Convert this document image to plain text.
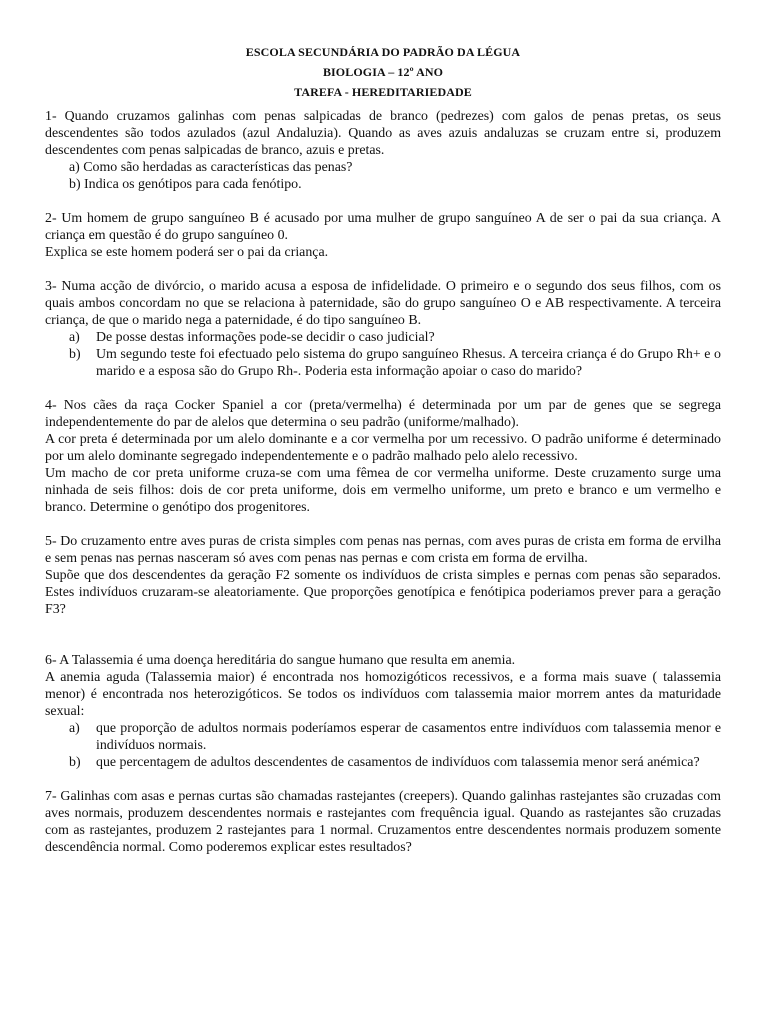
ESCOLA SECUNDÁRIA DO PADRÃO DA LÉGUA
BIOLOGIA – 12º ANO
TAREFA - HEREDITARIEDADE

1- Quando cruzamos galinhas com penas salpicadas de branco (pedrezes) com galos de penas pretas, os seus descendentes são todos azulados (azul Andaluzia). Quando as aves azuis andaluzas se cruzam entre si, produzem descendentes com penas salpicadas de branco, azuis e pretas.

a) Como são herdadas as características das penas?

b) Indica os genótipos para cada fenótipo.

2- Um homem de grupo sanguíneo B é acusado por uma mulher de grupo sanguíneo A de ser o pai da sua criança. A criança em questão é do grupo sanguíneo 0.

Explica se este homem poderá ser o pai da criança.

3- Numa acção de divórcio, o marido acusa a esposa de infidelidade. O primeiro e o segundo dos seus filhos, com os quais ambos concordam no que se relaciona à paternidade, são do grupo sanguíneo O e AB respectivamente. A terceira criança, de que o marido nega a paternidade, é do tipo sanguíneo B.

a)	De posse destas informações pode-se decidir o caso judicial?
b)	Um segundo teste foi efectuado pelo sistema do grupo sanguíneo Rhesus. A terceira criança é do Grupo Rh+ e o marido e a esposa são do Grupo Rh-. Poderia esta informação apoiar o caso do marido?

4- Nos cães da raça Cocker Spaniel a cor (preta/vermelha) é determinada por um par de genes que se segrega independentemente do par de alelos que determina o seu padrão (uniforme/malhado).

A cor preta é determinada por um alelo dominante e a cor vermelha por um recessivo. O padrão uniforme é determinado por um alelo dominante segregado independentemente e o padrão malhado pelo alelo recessivo.

Um macho de cor preta uniforme cruza-se com uma fêmea de cor vermelha uniforme. Deste cruzamento surge uma ninhada de seis filhos: dois de cor preta uniforme, dois em vermelho uniforme, um preto e branco e um vermelho e branco. Determine o genótipo dos progenitores.

5- Do cruzamento entre aves puras de crista simples com penas nas pernas, com aves puras de crista em forma de ervilha e sem penas nas pernas nasceram só aves com penas nas pernas e com crista em forma de ervilha.

Supõe que dos descendentes da geração F2 somente os indivíduos de crista simples e pernas com penas são separados. Estes indivíduos cruzaram-se aleatoriamente. Que proporções genotípica e fenótipica poderiamos prever para a geração F3?

6- A Talassemia é uma doença hereditária do sangue humano que resulta em anemia.

A anemia aguda (Talassemia maior) é encontrada nos homozigóticos recessivos, e a forma mais suave ( talassemia menor) é encontrada nos heterozigóticos. Se todos os indivíduos com talassemia maior morrem antes da maturidade sexual:

a)	que proporção de adultos normais poderíamos esperar de casamentos entre indivíduos com talassemia menor e indivíduos normais.
b)	que percentagem de adultos descendentes de casamentos de indivíduos com talassemia menor será anémica?

7- Galinhas com asas e pernas curtas são chamadas rastejantes (creepers). Quando galinhas rastejantes são cruzadas com aves normais, produzem descendentes normais e rastejantes com frequência igual. Quando as rastejantes são cruzadas com as rastejantes, produzem 2 rastejantes para 1 normal. Cruzamentos entre descendentes normais produzem somente descendência normal. Como poderemos explicar estes resultados?
